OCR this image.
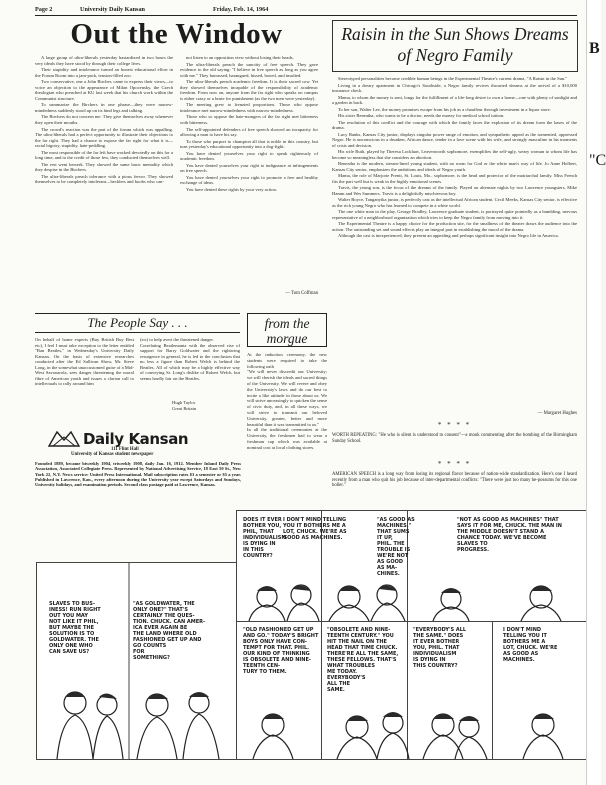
Page 2	University Daily Kansan	Friday, Feb. 14, 1964
Out the Window

A large group of ultra-liberals yesterday hastardized in two hours the very ideals they have stood by through their college lives.

Their stupidity and intolerance turned an honest educational effort in the Forum Room into a jam-pack, tension-filled zoo.

Two conservative, one a John Bircher, came to express their views—to voice an objection to the appearance of Milan Opocensky, the Czech theologian who preached at KU last week that his church work within the Communist structure.

To summarize the Birchers in one phrase—they were narrow-mindedness suddenly stood up on its hind legs and talking.

The Birchers do not concern me. They give themselves away whenever they open their mouths.

The crowd's reaction was the part of the forum which was appalling. The ultra-liberals had a perfect opportunity to illustrate their objections to the far right. They had a chance to expose the far right for what it is—racial bigotry, stupidity, hate-peddling.

The most responsible of the far left have worked devotedly on this for a long time, and to the credit of those few, they conducted themselves well.

The rest went berserk. They showed the same basic mentality which they despise in the Birchers.

The ultra-liberals preach tolerance with a pious fervor. They showed themselves to be completely intolerant—hecklers and boobs who can-

not listen to an opposition view without losing their heads.

The ultra-liberals preach the sanctity of free speech. They gave evidence to the old saying: "I believe in free speech as long as you agree with me." They harrassed, harangued, hissed, booed, and insulted.

The ultra-liberals preach academic freedom. It is their sacred cow. Yet they showed themselves incapable of the responsibility of academic freedom. From now on, anyone from the far right who speaks on campus is either crazy or a brute for punishment (as the two men were yesterday).

The meeting grew to frenzied proportions. Those who oppose intolerance met narrow-mindedness with narrow-mindedness.

Those who so oppose the hate-mongers of the far right met bitterness with bitterness.

The self-appointed defenders of free speech showed an incapacity for allowing a man to have his say.

To those who purport to champion all that is noble in this country, but turn yesterday's educational opportunity into a dog-fight:

You have denied yourselves your right to speak righteously of academic freedom.

You have denied yourselves your right to indignance at infringements on free speech.

You have denied yourselves your right to promote a free and healthy exchange of ideas.

You have denied these rights by your very action.

— Tom Coffman
Raisin in the Sun Shows Dreams of Negro Family

Stereotyped personalities become credible human beings in the Experimental Theatre's current drama, "A Raisin in the Sun."

Living in a dreary apartment in Chicago's Southside, a Negro family revives thwarted dreams at the arrival of a $10,000 insurance check.

Mama, to whom the money is sent, longs for the fulfillment of a life-long desire to own a home—one with plenty of sunlight and a garden in back.

To her son, Walter Lee, the money promises escape from his job as a chauffeur through investment in a liquor store.

His sister Beneatha, who wants to be a doctor, needs the money for medical school tuition.

The resolution of this conflict and the courage with which the family faces the explosion of its dream form the bases of the drama.

Lucy Banks, Kansas City junior, displays singular power range of emotion, and sympathetic appeal as the tormented, oppressed Negro. He is unconscious in a drunken, African dance, tender in a love scene with his wife, and strongly masculine in his moments of crisis and decision.

His wife Ruth, played by Theresa Lockhart, Leavenworth sophomore, exemplifies the self-ugly, weary woman to whom life has become so meaningless that she considers an abortion.

Beneatha is the modern, stream-lined young student, with no room for God or the white man's way of life. Jo Anne Holbert, Kansas City senior, emphasizes the ambitions and ideals of Negro youth.

Mama, the role of Marjorie Prentt, St. Louis, Mo., sophomore, is the head and protector of the matriarchal family. Miss French fits the part well but is weak in the highly emotional scenes.

Travis, the young son, is the focus of the dreams of the family. Played on alternate nights by two Lawrence youngsters, Mike Hamm and Wes Summers. Travis is a delightfully mischievous boy.

Walter Boyce, Tanganyika junior, is perfectly cast as the intellectual African student. Cecil Meeks, Kansas City senior, is effective as the rich young Negro who has learned to compete in a white world.

The one white man in the play, George Bradley, Lawrence graduate student, is portrayed quite pointedly as a bumbling, nervous representative of a neighborhood organization which tries to keep the Negro family from moving into it.

The Experimental Theatre is a happy choice for the production site, for the smallness of the theater draws the audience into the action. The outstanding set and sound effects play an integral part in establishing the mood of the drama.

Although the cast is inexperienced, they present an appealing and perhaps significant insight into Negro life in America.

— Margaret Hughes
* * * *
The People Say . . .
On behalf of home experts (Buy British Buy Best etc), I feel I must take exception to the letter entitled "Ban Beatles," in Wednesday's University Daily Kansan. On the basis of extensive researches conducted after the Ed Sullivan Show, Mr. Steve Long, in the somewhat unaccustomed guise of a Mid-West Savonarola, sees danger threatening the moral fibre of American youth and issues a clarion call to intellectuals to rally around him
(sic) to help avert the threatened danger.
Correlating Beatlemania with the observed rise of support for Barry Goldwater and the rightwing resurgence in general, he is led to the conclusion that no less a figure than Robert Welch is behind the Beatles. All of which may be a highly effective way of conveying Sr. Long's dislike of Robert Welch, but seems hardly fair on the Beatles.
Hugh Taylor
Great Britain
from the morgue
At the induction ceremony, the new students were required to take the following oath
"We will never discredit our University; we will cherish the ideals and sacred things of the University. We will revere and obey the University's laws and do our best to incite a like attitude in those about us. We will strive unceasingly to quicken the sense of civic duty, and, in all these ways, we will strive to transmit our beloved University, greater, better and more beautiful than it was transmitted to us."
In all the traditional ceremonies at the University, the freshmen had to wear a freshman cap which was available at nominal cost at local clothing stores.
Daily Kansan
111 Flint Hall
University of Kansas student newspaper
Founded 1889, became biweekly 1904, triweekly 1908, daily Jan. 16, 1912. Member Inland Daily Press Association, Associated Collegiate Press. Represented by National Advertising Service, 18 East 50 St., New York 22, N.Y. News service: United Press International. Mail subscription rates $3 a semester or $5 a year. Published in Lawrence, Kan., every afternoon during the University year except Saturdays and Sundays, University holidays, and examination periods. Second class postage paid at Lawrence, Kansas.
WORTH REPEATING: "He who is silent is understood to consent"—a monk commenting after the bombing of the Birmingham Sunday School.
* * * *
AMERICAN SPEECH is a long way from losing its regional flavor because of nation-wide standardization. Here's one I heard recently from a man who quit his job because of inter-departmental conflicts: "There were just too many he-possums for this one holler."
SLAVES TO BUS-
INESS! RUN RIGHT
OUT YOU MAY
NOT LIKE IT PHIL,
BUT MAYBE THE
SOLUTION IS TO
GOLDWATER. THE
ONLY ONE WHO
CAN SAVE US?
"AS GOLDWATER, THE
ONLY ONE?" THAT'S
CERTAINLY THE QUES-
TION. CHUCK. CAN AMER-
ICA EVER AGAIN BE
THE LAND WHERE OLD
FASHIONED GET UP AND
GO COUNTS
FOR
SOMETHING?
DOES IT EVER
BOTHER YOU,
PHIL, THAT
INDIVIDUALISM
IS DYING IN
IN THIS
COUNTRY?
I DON'T MIND TELLING
YOU IT BOTHERS ME A
LOT, CHUCK. WE'RE AS
GOOD AS MACHINES.
"AS GOOD AS
MACHINES."
THAT SUMS
IT UP,
PHIL. THE
TROUBLE IS
WE'RE NOT
AS GOOD
AS MA-
CHINES.
"NOT AS GOOD AS MACHINES" THAT
SAYS IT FOR ME, CHUCK. THE MAN IN
THE MIDDLE DOESN'T STAND A
CHANCE TODAY. WE'VE BECOME
SLAVES TO
PROGRESS.
"OLD FASHIONED GET UP
AND GO." TODAY'S BRIGHT
BOYS ONLY HAVE CON-
TEMPT FOR THAT. PHIL.
OUR KIND OF THINKING
IS OBSOLETE AND NINE-
TEENTH CEN-
TURY TO THEM.
"OBSOLETE AND NINE-
TEENTH CENTURY." YOU
HIT THE NAIL ON THE
HEAD THAT TIME CHUCK.
THERE'RE ALL THE SAME,
THESE FELLOWS. THAT'S
WHAT TROUBLES
ME TODAY.
EVERYBODY'S
ALL THE
SAME.
"EVERYBODY'S ALL
THE SAME." DOES
IT EVER BOTHER
YOU, PHIL. THAT
INDIVIDUALISM
IS DYING IN
THIS COUNTRY?
I DON'T MIND
TELLING YOU IT
BOTHERS ME A
LOT, CHUCK. WE'RE
AS GOOD AS
MACHINES.
B
"C
